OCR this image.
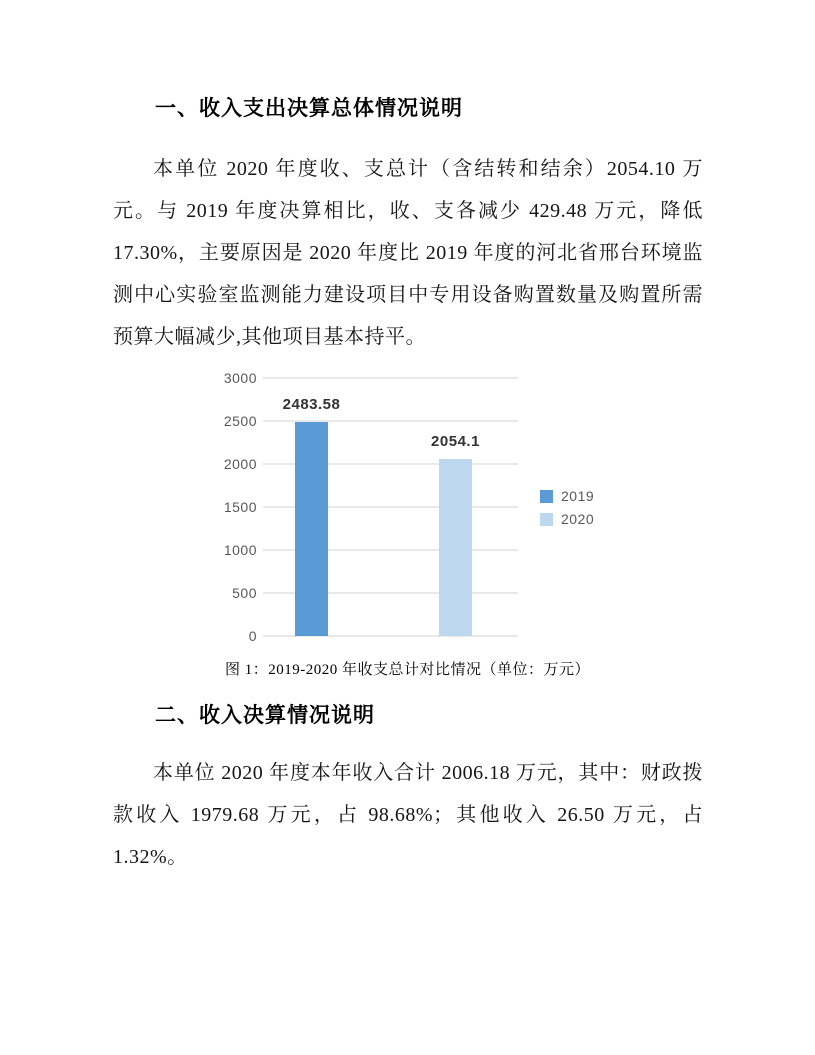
一、收入支出决算总体情况说明
本单位 2020 年度收、支总计（含结转和结余）2054.10 万元。与 2019 年度决算相比，收、支各减少 429.48 万元，降低 17.30%，主要原因是 2020 年度比 2019 年度的河北省邢台环境监测中心实验室监测能力建设项目中专用设备购置数量及购置所需预算大幅减少,其他项目基本持平。
0
500
1000
1500
2000
2500
3000
2483.58
2054.1
2019
2020
图 1：2019-2020 年收支总计对比情况（单位：万元）
二、收入决算情况说明
本单位 2020 年度本年收入合计 2006.18 万元，其中：财政拨款收入 1979.68 万元，占 98.68%；其他收入 26.50 万元，占 1.32%。
